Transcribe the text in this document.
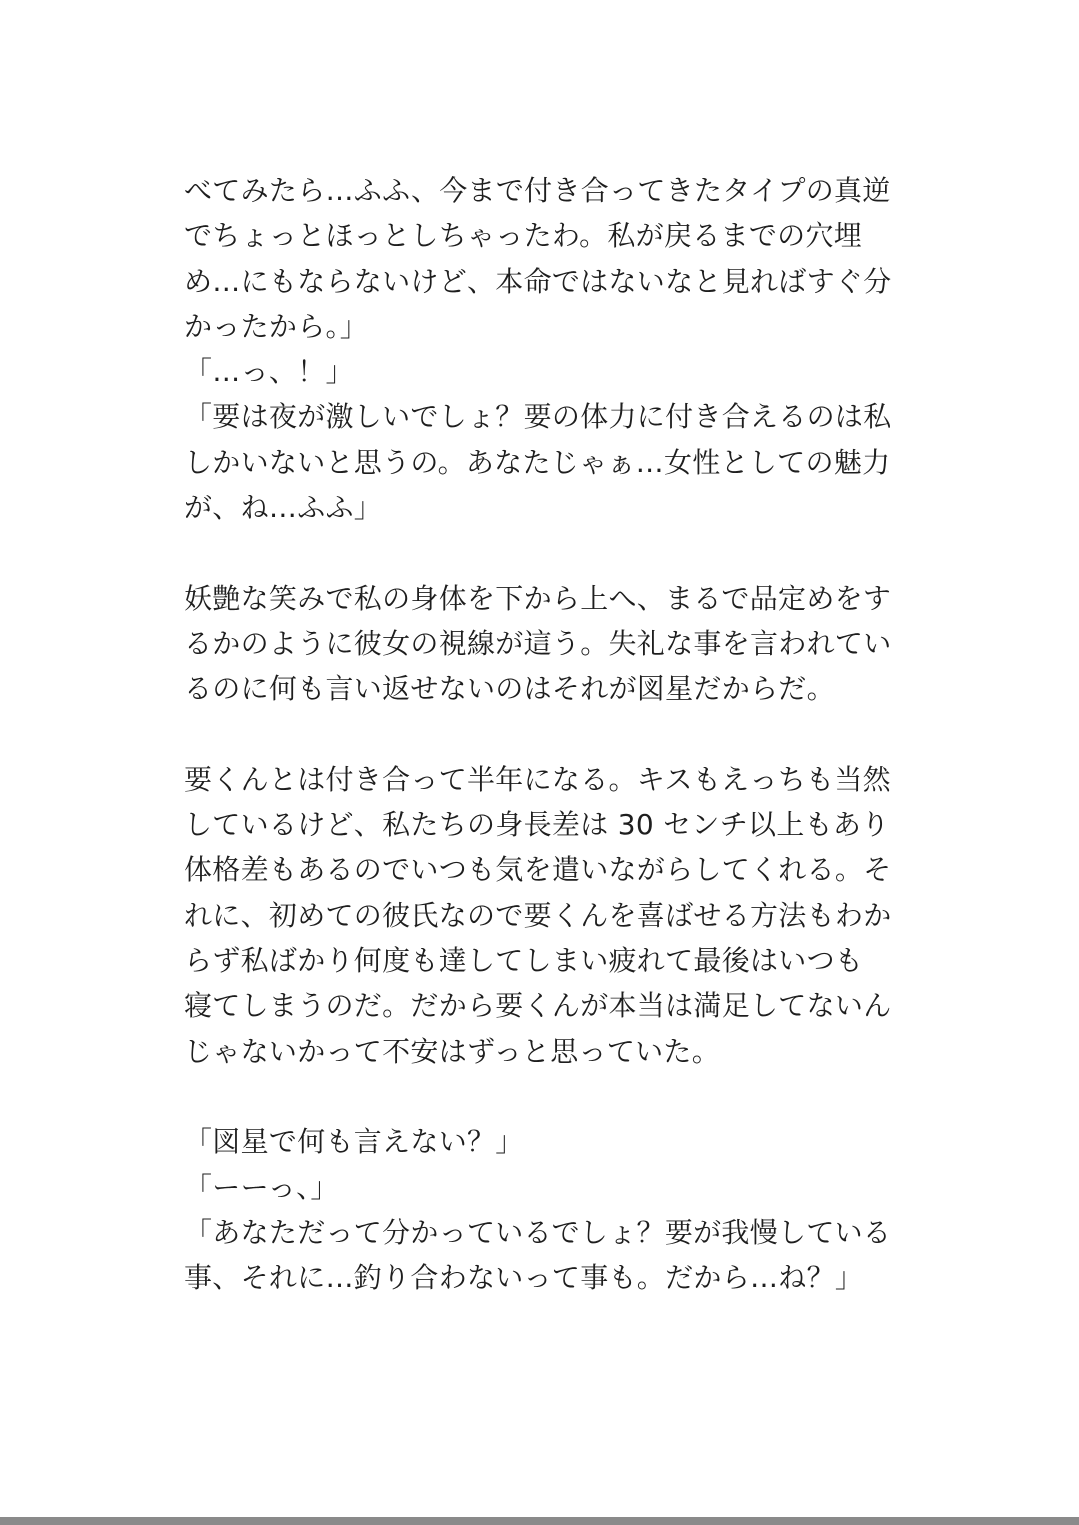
べてみたら…ふふ、今まで付き合ってきたタイプの真逆
でちょっとほっとしちゃったわ。私が戻るまでの穴埋
め…にもならないけど、本命ではないなと見ればすぐ分
かったから。」
「…っ、！」
「要は夜が激しいでしょ？要の体力に付き合えるのは私
しかいないと思うの。あなたじゃぁ…女性としての魅力
が、ね…ふふ」
妖艶な笑みで私の身体を下から上へ、まるで品定めをす
るかのように彼女の視線が這う。失礼な事を言われてい
るのに何も言い返せないのはそれが図星だからだ。
要くんとは付き合って半年になる。キスもえっちも当然
しているけど、私たちの身長差は 30 センチ以上もあり
体格差もあるのでいつも気を遣いながらしてくれる。そ
れに、初めての彼氏なので要くんを喜ばせる方法もわか
らず私ばかり何度も達してしまい疲れて最後はいつも
寝てしまうのだ。だから要くんが本当は満足してないん
じゃないかって不安はずっと思っていた。
「図星で何も言えない？」
「ーーっ、」
「あなただって分かっているでしょ？要が我慢している
事、それに…釣り合わないって事も。だから…ね？」
